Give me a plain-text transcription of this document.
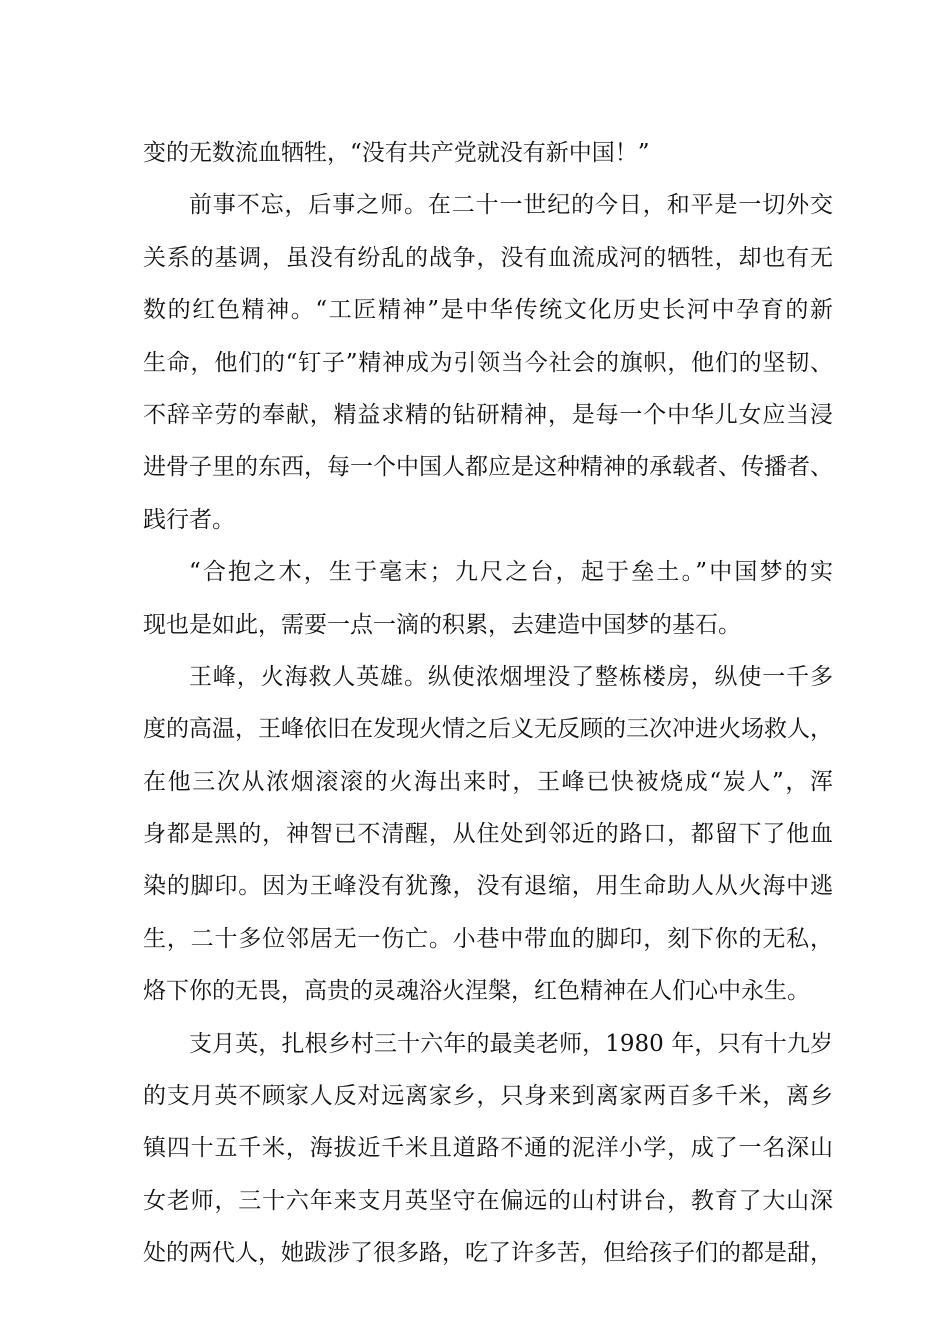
变的无数流血牺牲，“没有共产党就没有新中国！”
前事不忘，后事之师。在二十一世纪的今日，和平是一切外交
关系的基调，虽没有纷乱的战争，没有血流成河的牺牲，却也有无
数的红色精神。“工匠精神”是中华传统文化历史长河中孕育的新
生命，他们的“钉子”精神成为引领当今社会的旗帜，他们的坚韧、
不辞辛劳的奉献，精益求精的钻研精神，是每一个中华儿女应当浸
进骨子里的东西，每一个中国人都应是这种精神的承载者、传播者、
践行者。
“合抱之木，生于毫末；九尺之台，起于垒土。”中国梦的实
现也是如此，需要一点一滴的积累，去建造中国梦的基石。
王峰，火海救人英雄。纵使浓烟埋没了整栋楼房，纵使一千多
度的高温，王峰依旧在发现火情之后义无反顾的三次冲进火场救人，
在他三次从浓烟滚滚的火海出来时，王峰已快被烧成“炭人”，浑
身都是黑的，神智已不清醒，从住处到邻近的路口，都留下了他血
染的脚印。因为王峰没有犹豫，没有退缩，用生命助人从火海中逃
生，二十多位邻居无一伤亡。小巷中带血的脚印，刻下你的无私，
烙下你的无畏，高贵的灵魂浴火涅槃，红色精神在人们心中永生。
支月英，扎根乡村三十六年的最美老师，1980 年，只有十九岁
的支月英不顾家人反对远离家乡，只身来到离家两百多千米，离乡
镇四十五千米，海拔近千米且道路不通的泥洋小学，成了一名深山
女老师，三十六年来支月英坚守在偏远的山村讲台，教育了大山深
处的两代人，她跋涉了很多路，吃了许多苦，但给孩子们的都是甜，
